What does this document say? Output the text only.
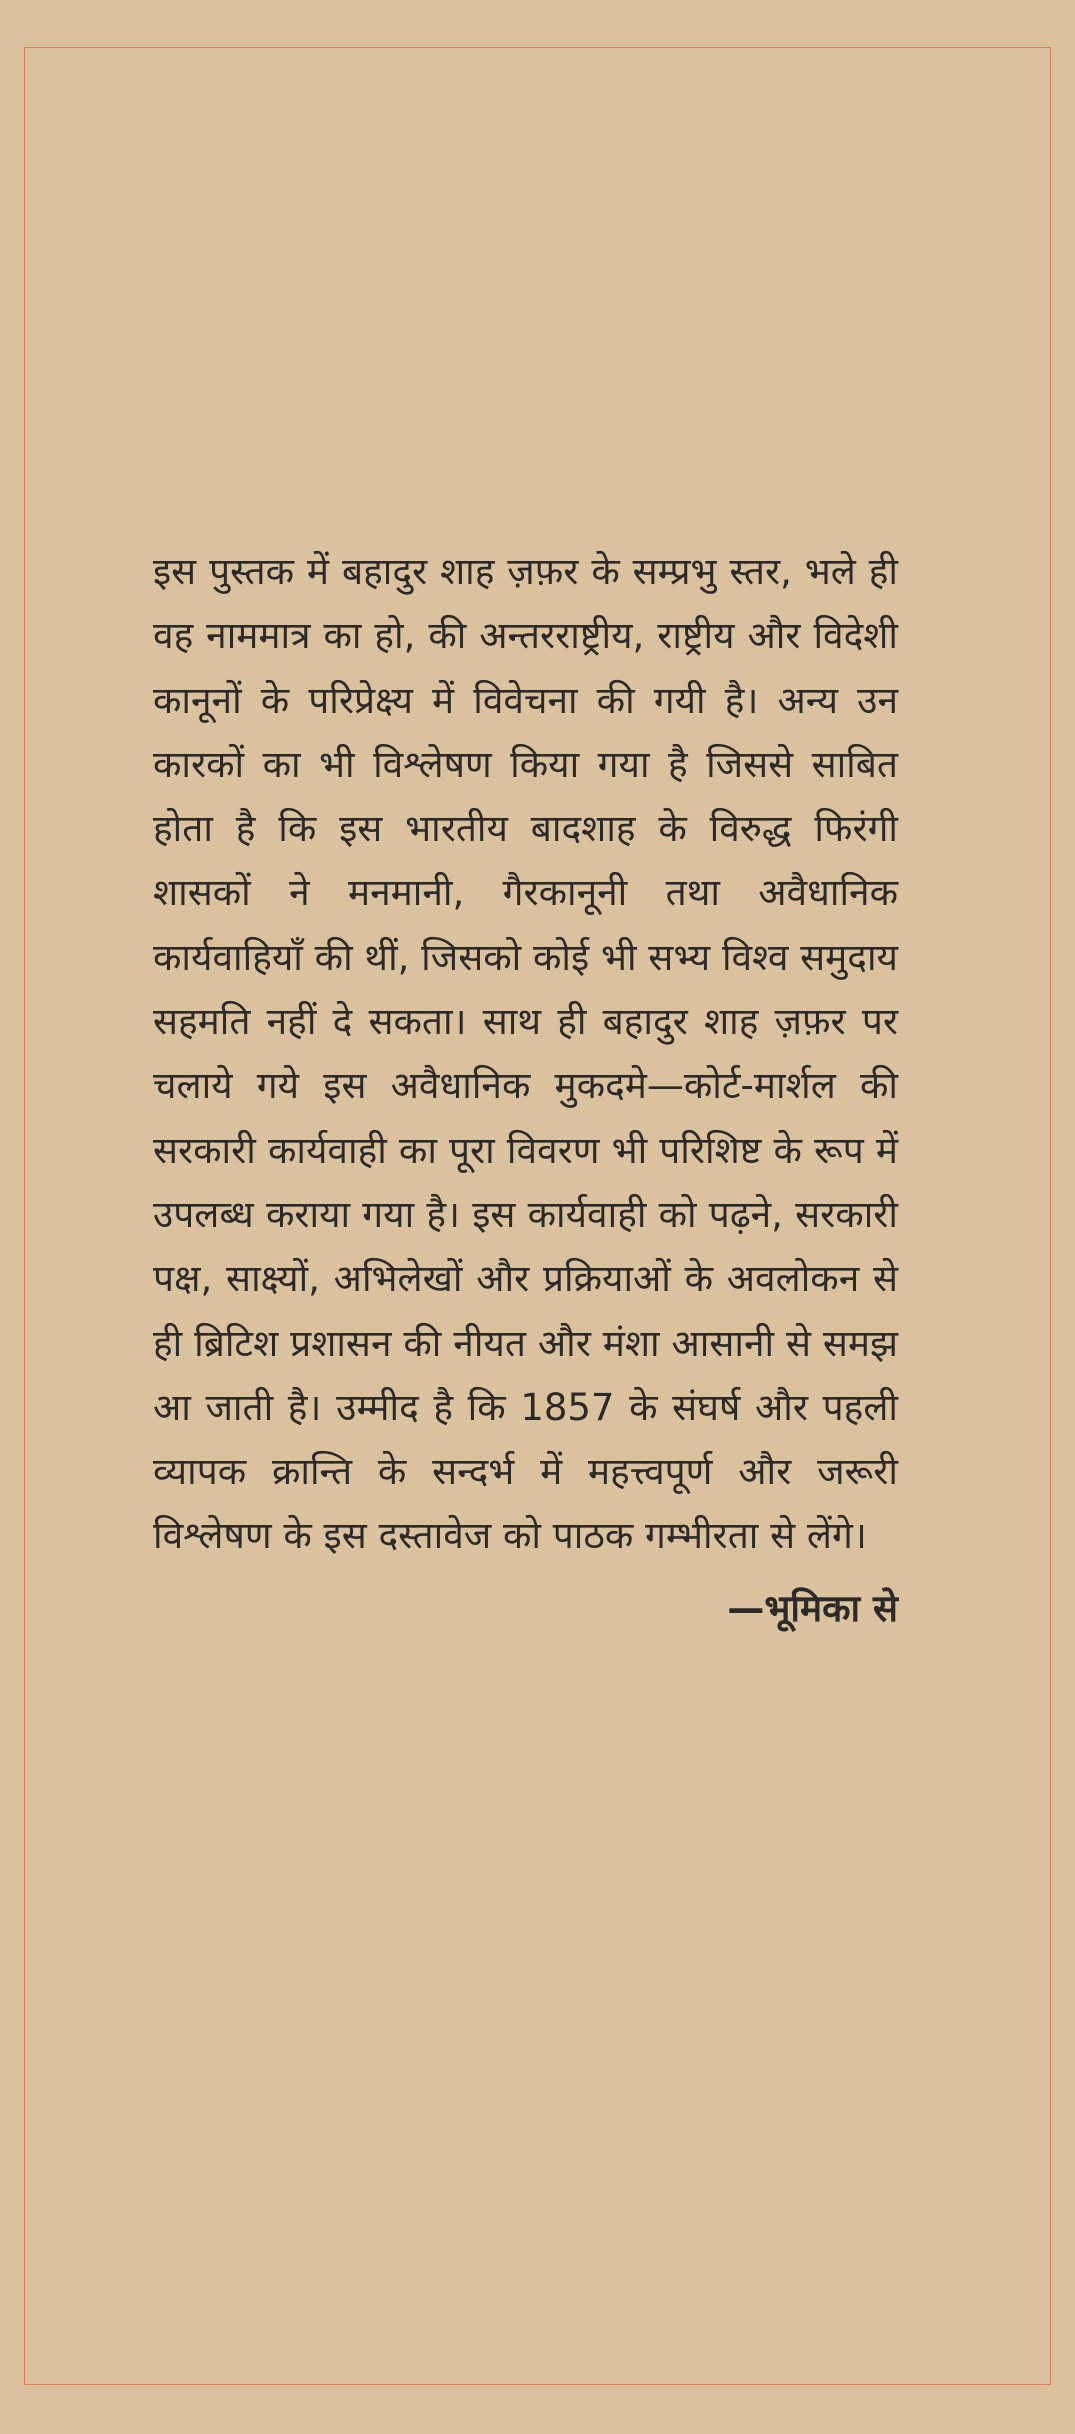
इस पुस्तक में बहादुर शाह ज़फ़र के सम्प्रभु स्तर, भले ही वह नाममात्र का हो, की अन्तरराष्ट्रीय, राष्ट्रीय और विदेशी कानूनों के परिप्रेक्ष्य में विवेचना की गयी है। अन्य उन कारकों का भी विश्लेषण किया गया है जिससे साबित होता है कि इस भारतीय बादशाह के विरुद्ध फिरंगी शासकों ने मनमानी, गैरकानूनी तथा अवैधानिक कार्यवाहियाँ की थीं, जिसको कोई भी सभ्य विश्व समुदाय सहमति नहीं दे सकता। साथ ही बहादुर शाह ज़फ़र पर चलाये गये इस अवैधानिक मुकदमे—कोर्ट-मार्शल की सरकारी कार्यवाही का पूरा विवरण भी परिशिष्ट के रूप में उपलब्ध कराया गया है। इस कार्यवाही को पढ़ने, सरकारी पक्ष, साक्ष्यों, अभिलेखों और प्रक्रियाओं के अवलोकन से ही ब्रिटिश प्रशासन की नीयत और मंशा आसानी से समझ आ जाती है। उम्मीद है कि 1857 के संघर्ष और पहली व्यापक क्रान्ति के सन्दर्भ में महत्त्वपूर्ण और जरूरी विश्लेषण के इस दस्तावेज को पाठक गम्भीरता से लेंगे।

—भूमिका से
